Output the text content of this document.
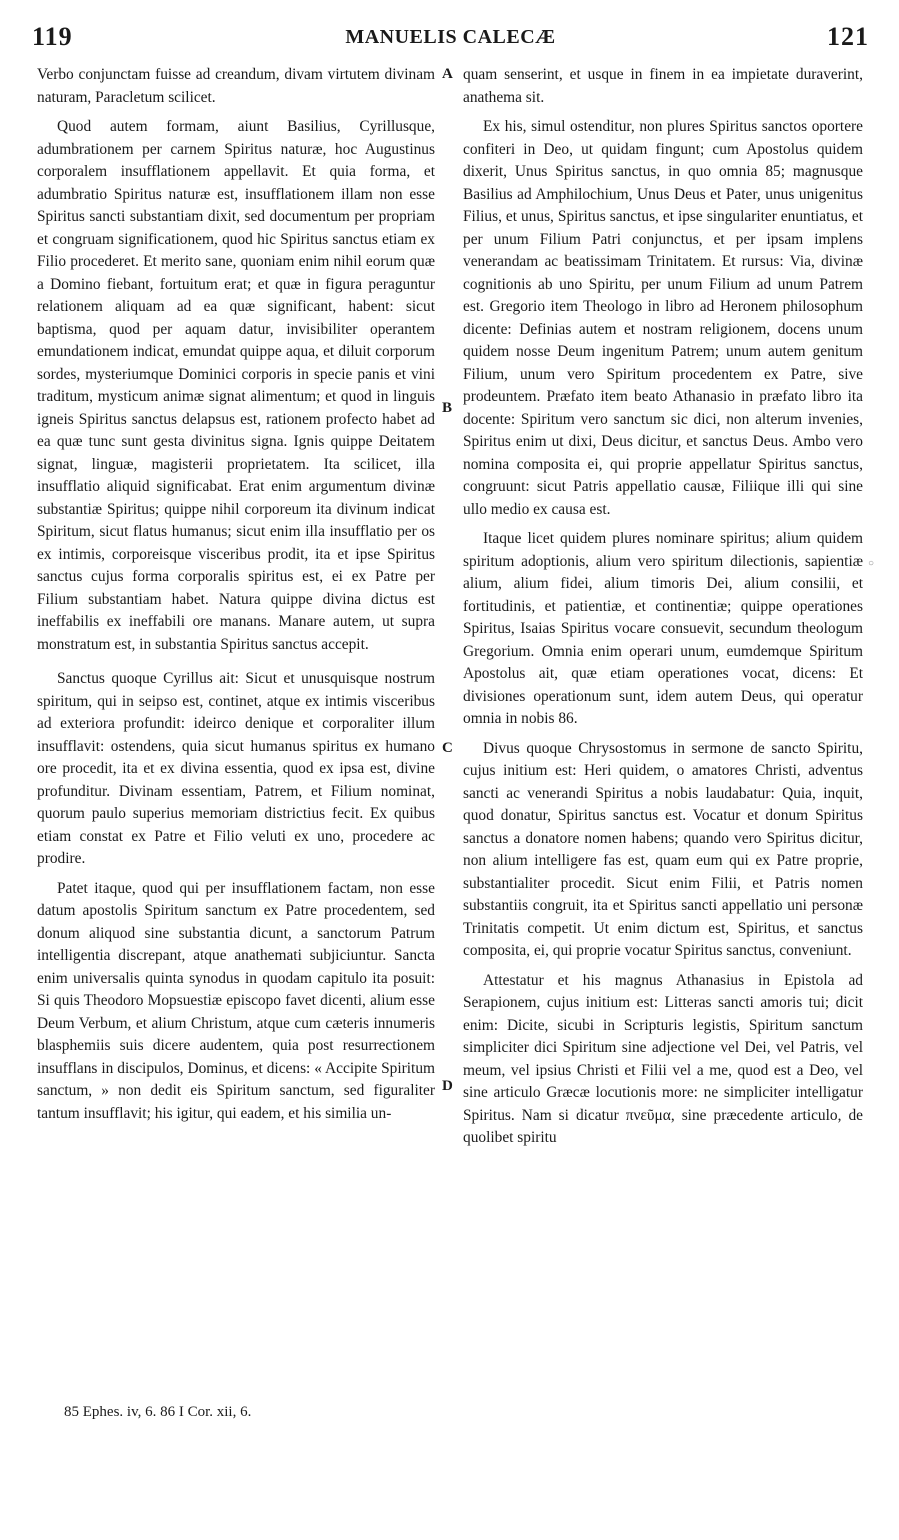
119	MANUELIS CALECÆ	121

Verbo conjunctam fuisse ad creandum, divam virtutem divinam naturam, Paracletum scilicet.

Quod autem formam, aiunt Basilius, Cyrillusque, adumbrationem per carnem Spiritus naturæ, hoc Augustinus corporalem insufflationem appellavit. Et quia forma, et adumbratio Spiritus naturæ est, insufflationem illam non esse Spiritus sancti substantiam dixit, sed documentum per propriam et congruam significationem, quod hic Spiritus sanctus etiam ex Filio procederet. Et merito sane, quoniam enim nihil eorum quæ a Domino fiebant, fortuitum erat; et quæ in figura peraguntur relationem aliquam ad ea quæ significant, habent: sicut baptisma, quod per aquam datur, invisibiliter operantem emundationem indicat, emundat quippe aqua, et diluit corporum sordes, mysteriumque Dominici corporis in specie panis et vini traditum, mysticum animæ signat alimentum; et quod in linguis igneis Spiritus sanctus delapsus est, rationem profecto habet ad ea quæ tunc sunt gesta divinitus signa. Ignis quippe Deitatem signat, linguæ, magisterii proprietatem. Ita scilicet, illa insufflatio aliquid significabat. Erat enim argumentum divinæ substantiæ Spiritus; quippe nihil corporeum ita divinum indicat Spiritum, sicut flatus humanus; sicut enim illa insufflatio per os ex intimis, corporeisque visceribus prodit, ita et ipse Spiritus sanctus cujus forma corporalis spiritus est, ei ex Patre per Filium substantiam habet. Natura quippe divina dictus est ineffabilis ex ineffabili ore manans. Manare autem, ut supra monstratum est, in substantia Spiritus sanctus accepit.

Sanctus quoque Cyrillus ait: Sicut et unusquisque nostrum spiritum, qui in seipso est, continet, atque ex intimis visceribus ad exteriora profundit: ideirco denique et corporaliter illum insufflavit: ostendens, quia sicut humanus spiritus ex humano ore procedit, ita et ex divina essentia, quod ex ipsa est, divine profunditur. Divinam essentiam, Patrem, et Filium nominat, quorum paulo superius memoriam districtius fecit. Ex quibus etiam constat ex Patre et Filio veluti ex uno, procedere ac prodire.

Patet itaque, quod qui per insufflationem factam, non esse datum apostolis Spiritum sanctum ex Patre procedentem, sed donum aliquod sine substantia dicunt, a sanctorum Patrum intelligentia discrepant, atque anathemati subjiciuntur. Sancta enim universalis quinta synodus in quodam capitulo ita posuit: Si quis Theodoro Mopsuestiæ episcopo favet dicenti, alium esse Deum Verbum, et alium Christum, atque cum cæteris innumeris blasphemiis suis dicere audentem, quia post resurrectionem insufflans in discipulos, Dominus, et dicens: « Accipite Spiritum sanctum, » non dedit eis Spiritum sanctum, sed figuraliter tantum insufflavit; his igitur, qui eadem, et his similia un-

A
B
C
D

quam senserint, et usque in finem in ea impietate duraverint, anathema sit.

Ex his, simul ostenditur, non plures Spiritus sanctos oportere confiteri in Deo, ut quidam fingunt; cum Apostolus quidem dixerit, Unus Spiritus sanctus, in quo omnia 85; magnusque Basilius ad Amphilochium, Unus Deus et Pater, unus unigenitus Filius, et unus, Spiritus sanctus, et ipse singulariter enuntiatus, et per unum Filium Patri conjunctus, et per ipsam implens venerandam ac beatissimam Trinitatem. Et rursus: Via, divinæ cognitionis ab uno Spiritu, per unum Filium ad unum Patrem est. Gregorio item Theologo in libro ad Heronem philosophum dicente: Definias autem et nostram religionem, docens unum quidem nosse Deum ingenitum Patrem; unum autem genitum Filium, unum vero Spiritum procedentem ex Patre, sive prodeuntem. Præfato item beato Athanasio in præfato libro ita docente: Spiritum vero sanctum sic dici, non alterum invenies, Spiritus enim ut dixi, Deus dicitur, et sanctus Deus. Ambo vero nomina composita ei, qui proprie appellatur Spiritus sanctus, congruunt: sicut Patris appellatio causæ, Filiique illi qui sine ullo medio ex causa est.

Itaque licet quidem plures nominare spiritus; alium quidem spiritum adoptionis, alium vero spiritum dilectionis, sapientiæ alium, alium fidei, alium timoris Dei, alium consilii, et fortitudinis, et patientiæ, et continentiæ; quippe operationes Spiritus, Isaias Spiritus vocare consuevit, secundum theologum Gregorium. Omnia enim operari unum, eumdemque Spiritum Apostolus ait, quæ etiam operationes vocat, dicens: Et divisiones operationum sunt, idem autem Deus, qui operatur omnia in nobis 86.

Divus quoque Chrysostomus in sermone de sancto Spiritu, cujus initium est: Heri quidem, o amatores Christi, adventus sancti ac venerandi Spiritus a nobis laudabatur: Quia, inquit, quod donatur, Spiritus sanctus est. Vocatur et donum Spiritus sanctus a donatore nomen habens; quando vero Spiritus dicitur, non alium intelligere fas est, quam eum qui ex Patre proprie, substantialiter procedit. Sicut enim Filii, et Patris nomen substantiis congruit, ita et Spiritus sancti appellatio uni personæ Trinitatis competit. Ut enim dictum est, Spiritus, et sanctus composita, ei, qui proprie vocatur Spiritus sanctus, conveniunt.

Attestatur et his magnus Athanasius in Epistola ad Serapionem, cujus initium est: Litteras sancti amoris tui; dicit enim: Dicite, sicubi in Scripturis legistis, Spiritum sanctum simpliciter dici Spiritum sine adjectione vel Dei, vel Patris, vel meum, vel ipsius Christi et Filii vel a me, quod est a Deo, vel sine articulo Græcæ locutionis more: ne simpliciter intelligatur Spiritus. Nam si dicatur πνεῦμα, sine præcedente articulo, de quolibet spiritu

○
85 Ephes. iv, 6. 86 I Cor. xii, 6.
